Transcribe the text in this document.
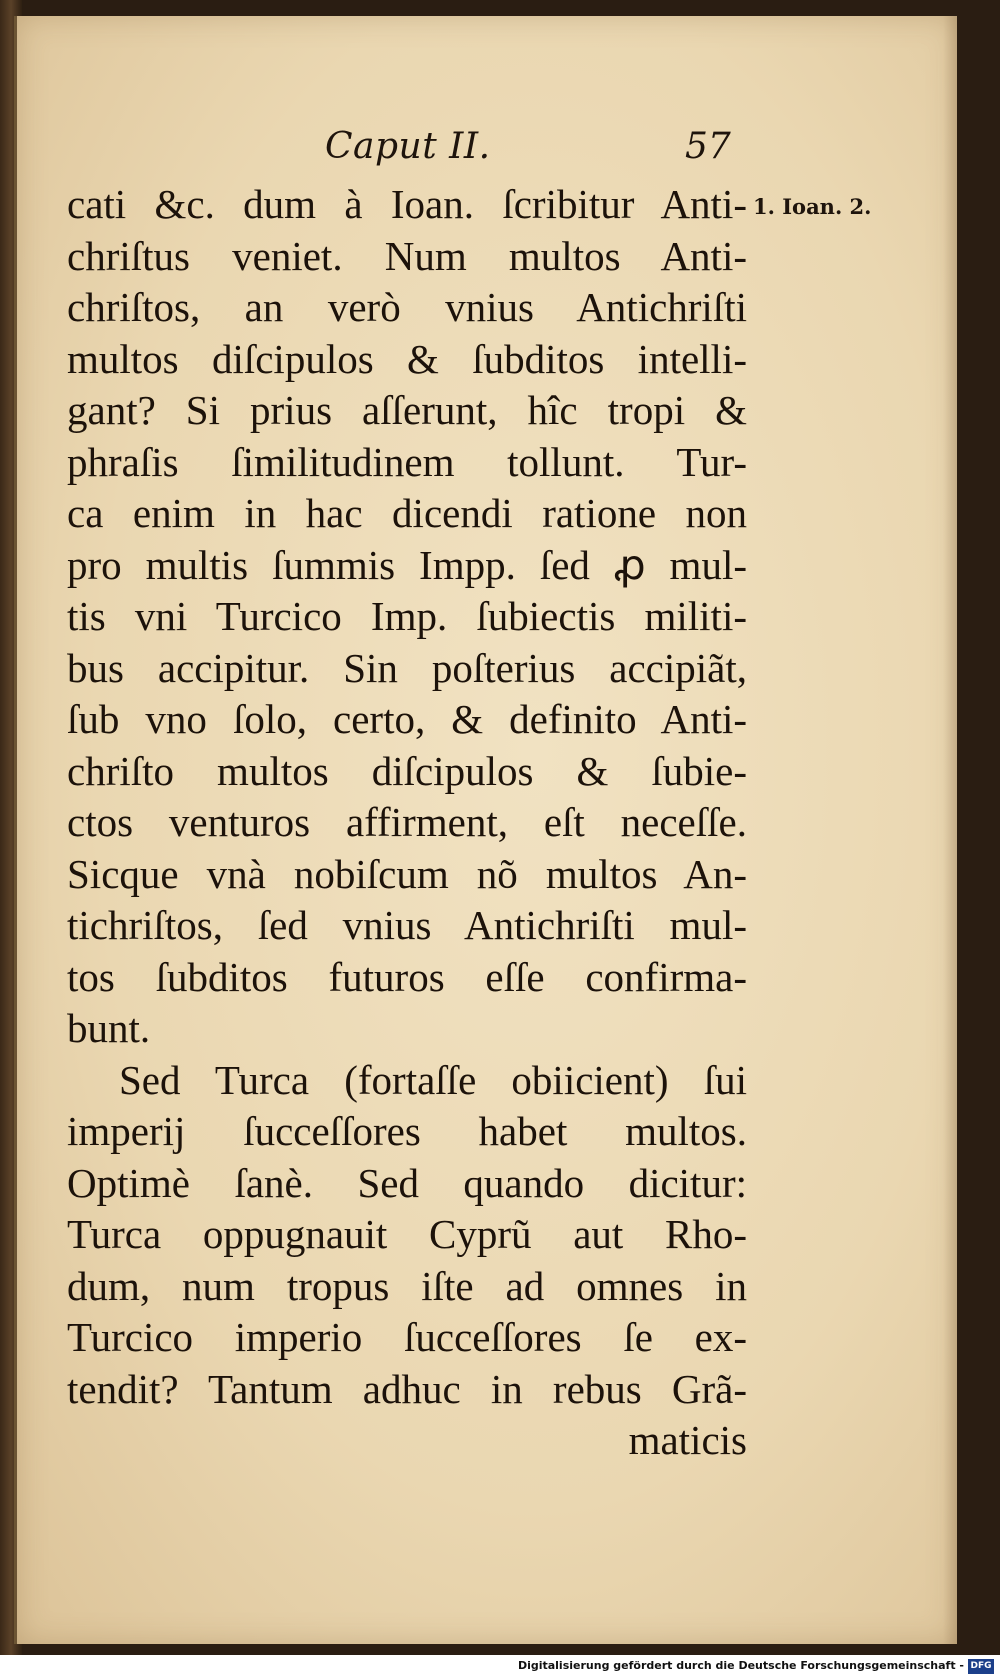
Caput II.	57
1. Ioan. 2.
cati &c. dum à Ioan. ſcribitur Anti-
chriſtus veniet. Num multos Anti-
chriſtos, an verò vnius Antichriſti
multos diſcipulos & ſubditos intelli-
gant? Si prius aſſerunt, hîc tropi &
phraſis ſimilitudinem tollunt. Tur-
ca enim in hac dicendi ratione non
pro multis ſummis Impp. ſed ꝓ mul-
tis vni Turcico Imp. ſubiectis militi-
bus accipitur. Sin poſterius accipiãt,
ſub vno ſolo, certo, & definito Anti-
chriſto multos diſcipulos & ſubie-
ctos venturos affirment, eſt neceſſe.
Sicque vnà nobiſcum nõ multos An-
tichriſtos, ſed vnius Antichriſti mul-
tos ſubditos futuros eſſe confirma-
bunt.
Sed Turca (fortaſſe obiicient) ſui
imperij ſucceſſores habet multos.
Optimè ſanè. Sed quando dicitur:
Turca oppugnauit Cyprũ aut Rho-
dum, num tropus iſte ad omnes in
Turcico imperio ſucceſſores ſe ex-
tendit? Tantum adhuc in rebus Grã-
maticis
Digitalisierung gefördert durch die Deutsche Forschungsgemeinschaft - DFG
